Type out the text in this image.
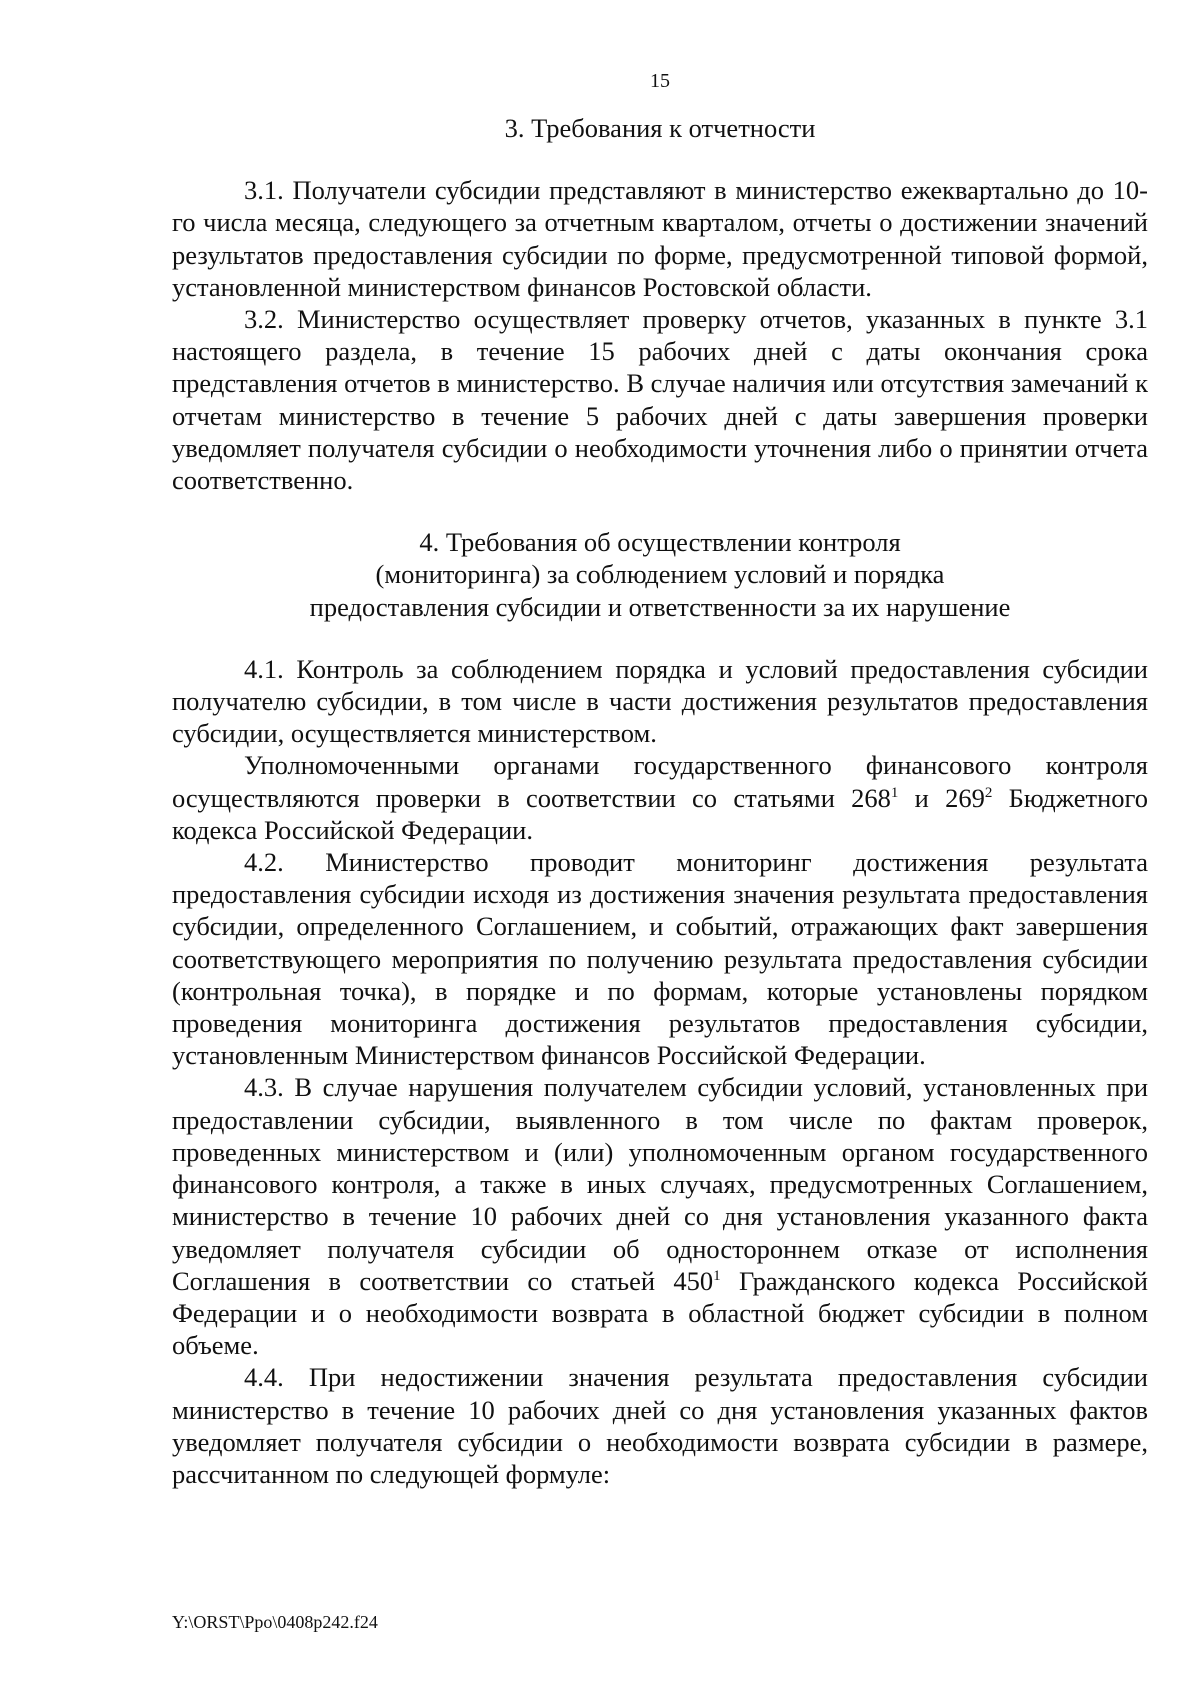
15
3. Требования к отчетности

3.1. Получатели субсидии представляют в министерство ежеквартально до 10-го числа месяца, следующего за отчетным кварталом, отчеты о достижении значений результатов предоставления субсидии по форме, предусмотренной типовой формой, установленной министерством финансов Ростовской области.

3.2. Министерство осуществляет проверку отчетов, указанных в пункте 3.1 настоящего раздела, в течение 15 рабочих дней с даты окончания срока представления отчетов в министерство. В случае наличия или отсутствия замечаний к отчетам министерство в течение 5 рабочих дней с даты завершения проверки уведомляет получателя субсидии о необходимости уточнения либо о принятии отчета соответственно.

4. Требования об осуществлении контроля
(мониторинга) за соблюдением условий и порядка
предоставления субсидии и ответственности за их нарушение

4.1. Контроль за соблюдением порядка и условий предоставления субсидии получателю субсидии, в том числе в части достижения результатов предоставления субсидии, осуществляется министерством.

Уполномоченными органами государственного финансового контроля осуществляются проверки в соответствии со статьями $268^1$ и $269^2$ Бюджетного кодекса Российской Федерации.

4.2. Министерство проводит мониторинг достижения результата предоставления субсидии исходя из достижения значения результата предоставления субсидии, определенного Соглашением, и событий, отражающих факт завершения соответствующего мероприятия по получению результата предоставления субсидии (контрольная точка), в порядке и по формам, которые установлены порядком проведения мониторинга достижения результатов предоставления субсидии, установленным Министерством финансов Российской Федерации.

4.3. В случае нарушения получателем субсидии условий, установленных при предоставлении субсидии, выявленного в том числе по фактам проверок, проведенных министерством и (или) уполномоченным органом государственного финансового контроля, а также в иных случаях, предусмотренных Соглашением, министерство в течение 10 рабочих дней со дня установления указанного факта уведомляет получателя субсидии об одностороннем отказе от исполнения Соглашения в соответствии со статьей $450^1$ Гражданского кодекса Российской Федерации и о необходимости возврата в областной бюджет субсидии в полном объеме.

4.4. При недостижении значения результата предоставления субсидии министерство в течение 10 рабочих дней со дня установления указанных фактов уведомляет получателя субсидии о необходимости возврата субсидии в размере, рассчитанном по следующей формуле:

Y:\ORST\Ppo\0408p242.f24
